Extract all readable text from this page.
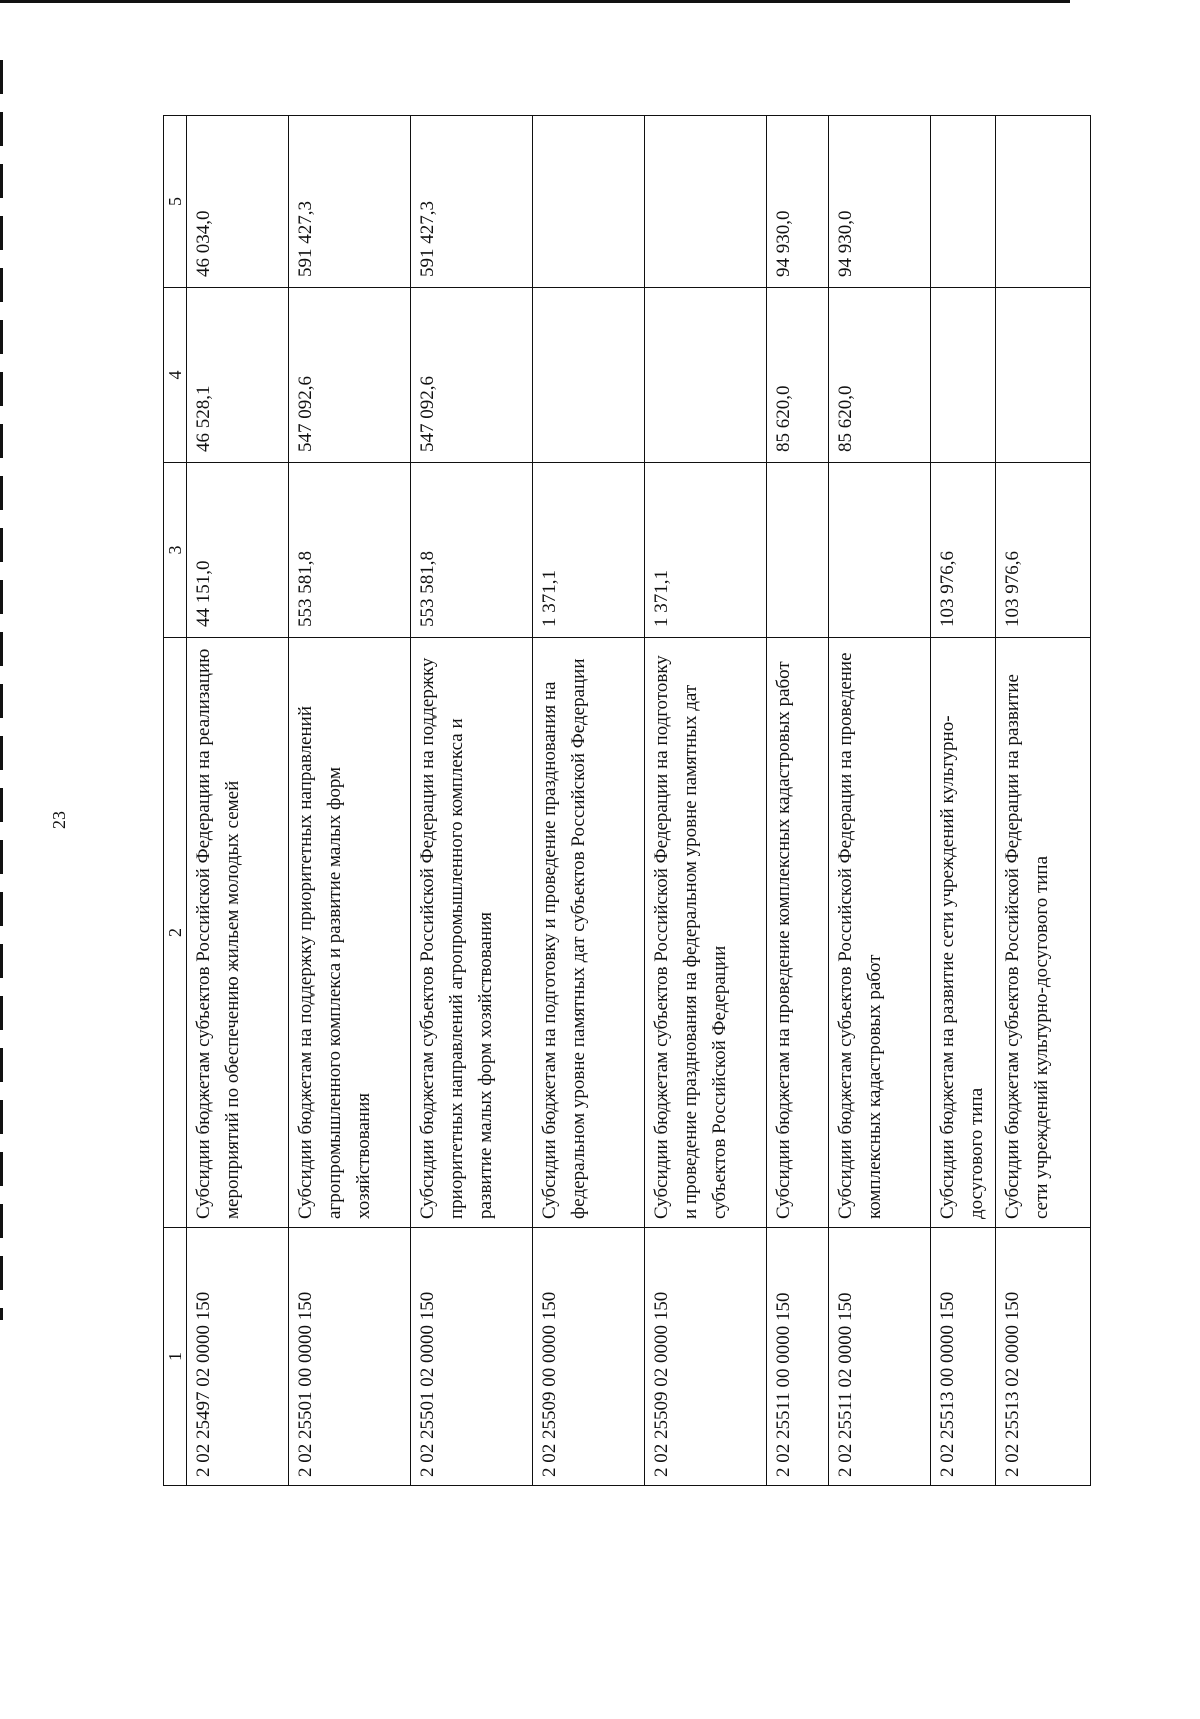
23
1	2	3	4	5
2 02 25497 02 0000 150	Субсидии бюджетам субъектов Российской Федерации на реализацию мероприятий по обеспечению жильем молодых семей	44 151,0	46 528,1	46 034,0
2 02 25501 00 0000 150	Субсидии бюджетам на поддержку приоритетных направлений агропромышленного комплекса и развитие малых форм хозяйствования	553 581,8	547 092,6	591 427,3
2 02 25501 02 0000 150	Субсидии бюджетам субъектов Российской Федерации на поддержку приоритетных направлений агропромышленного комплекса и развитие малых форм хозяйствования	553 581,8	547 092,6	591 427,3
2 02 25509 00 0000 150	Субсидии бюджетам на подготовку и проведение празднования на федеральном уровне памятных дат субъектов Российской Федерации	1 371,1		
2 02 25509 02 0000 150	Субсидии бюджетам субъектов Российской Федерации на подготовку и проведение празднования на федеральном уровне памятных дат субъектов Российской Федерации	1 371,1		
2 02 25511 00 0000 150	Субсидии бюджетам на проведение комплексных кадастровых работ		85 620,0	94 930,0
2 02 25511 02 0000 150	Субсидии бюджетам субъектов Российской Федерации на проведение комплексных кадастровых работ		85 620,0	94 930,0
2 02 25513 00 0000 150	Субсидии бюджетам на развитие сети учреждений культурно-досугового типа	103 976,6		
2 02 25513 02 0000 150	Субсидии бюджетам субъектов Российской Федерации на развитие сети учреждений культурно-досугового типа	103 976,6		
